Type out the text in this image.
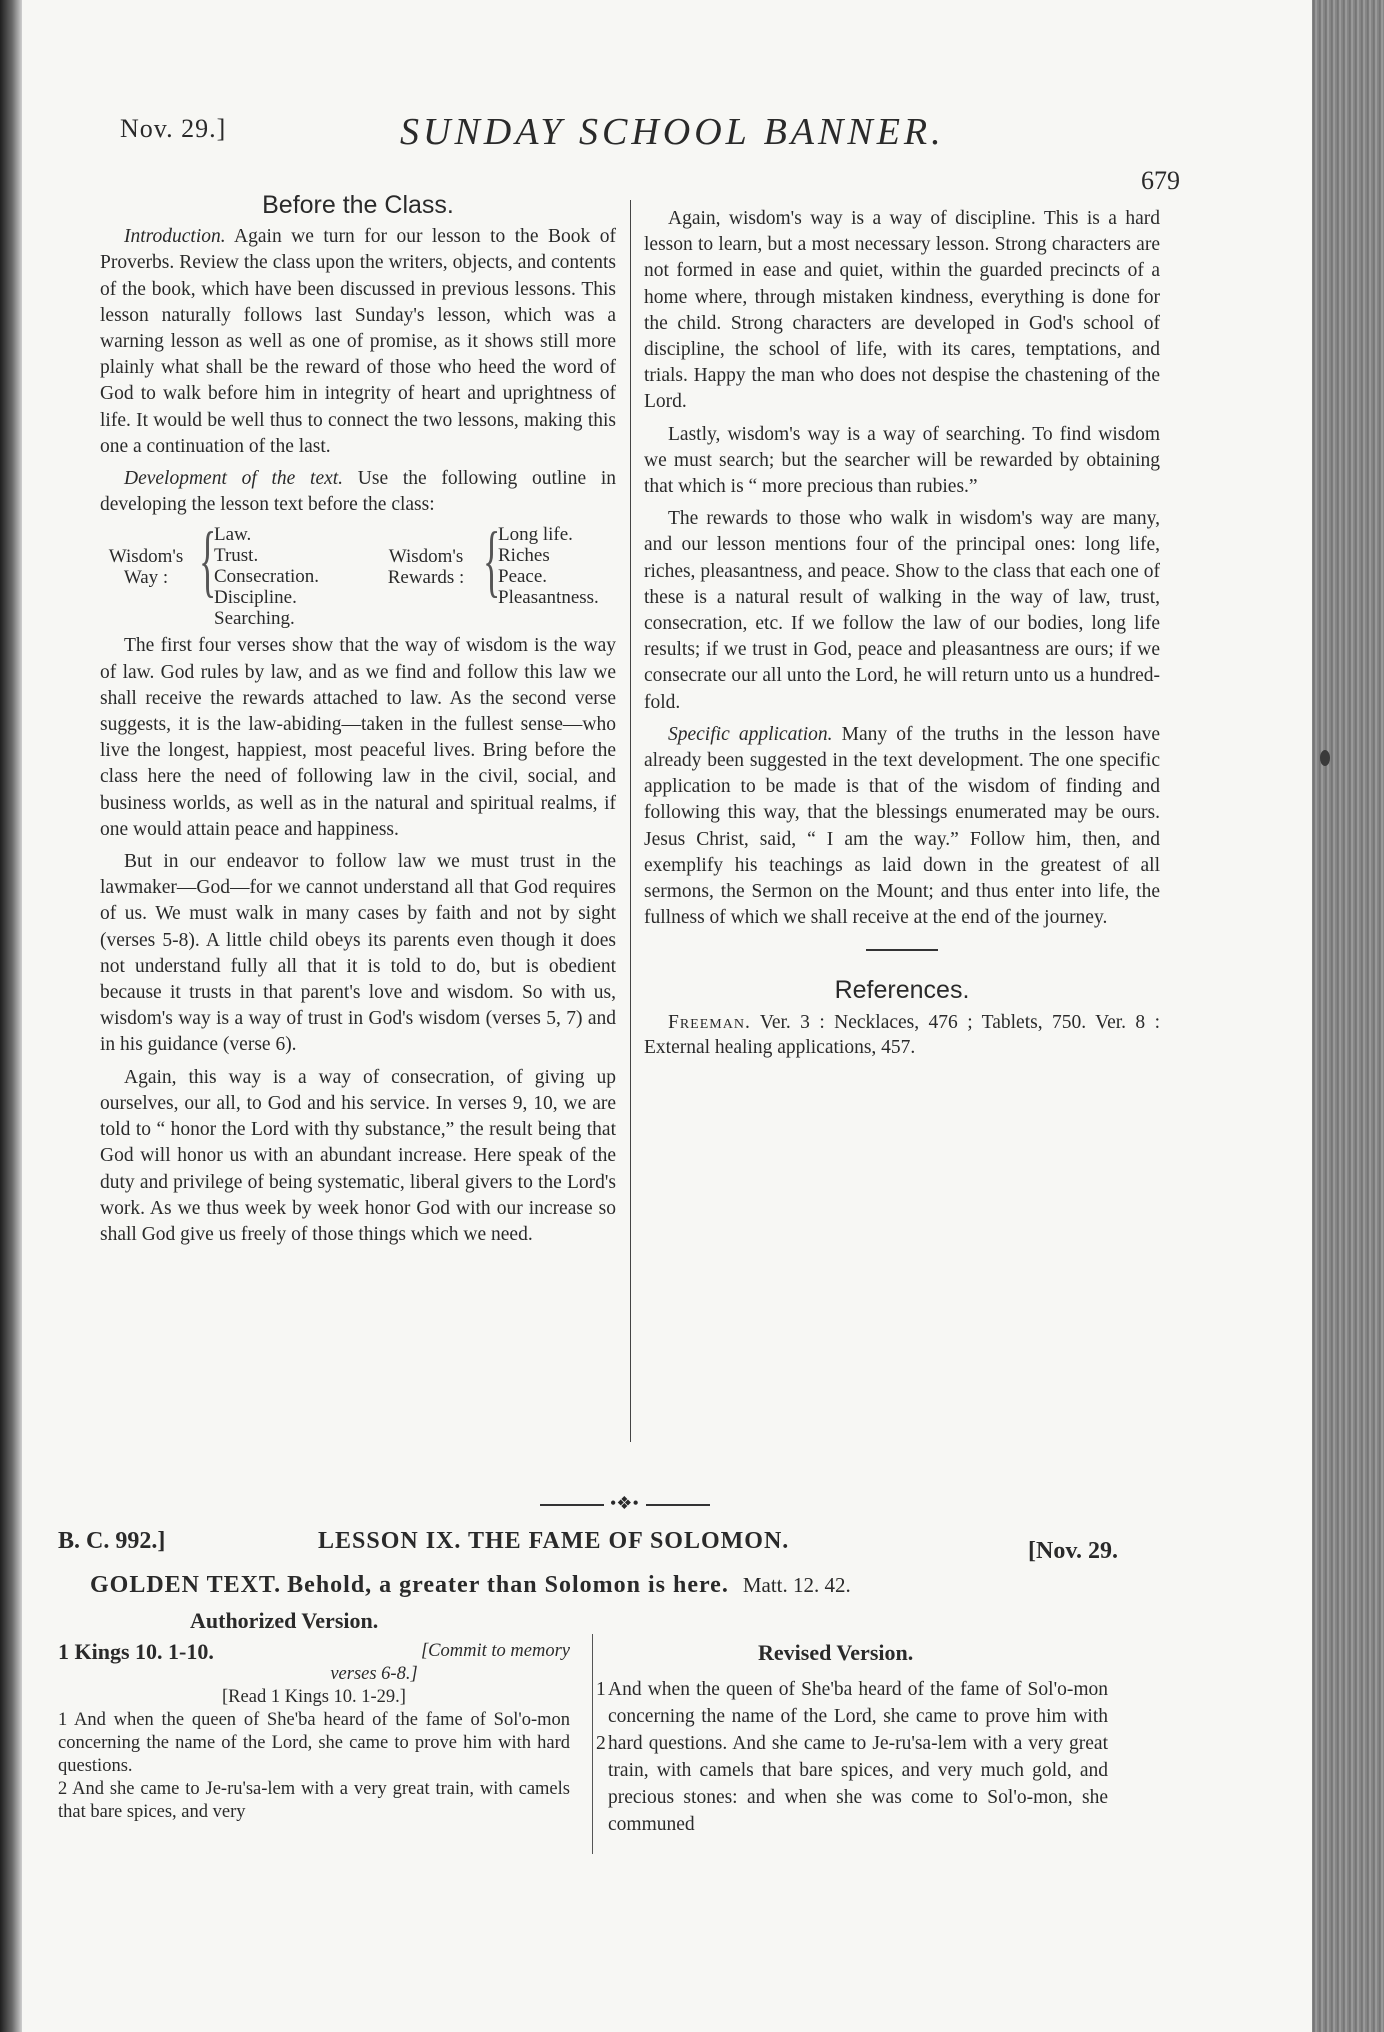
Nov. 29.]	SUNDAY SCHOOL BANNER.
679
Before the Class.

Introduction. Again we turn for our lesson to the Book of Proverbs. Review the class upon the writers, objects, and contents of the book, which have been discussed in previous lessons. This lesson naturally follows last Sunday's lesson, which was a warning lesson as well as one of promise, as it shows still more plainly what shall be the reward of those who heed the word of God to walk before him in integrity of heart and uprightness of life. It would be well thus to connect the two lessons, making this one a continuation of the last.

Development of the text. Use the following outline in developing the lesson text before the class:

Wisdom's Way : {
Law.
Trust.
Consecration.
Discipline.
Searching.
Wisdom's Rewards : {
Long life.
Riches
Peace.
Pleasantness.

The first four verses show that the way of wisdom is the way of law. God rules by law, and as we find and follow this law we shall receive the rewards attached to law. As the second verse suggests, it is the law-abiding—taken in the fullest sense—who live the longest, happiest, most peaceful lives. Bring before the class here the need of following law in the civil, social, and business worlds, as well as in the natural and spiritual realms, if one would attain peace and happiness.

But in our endeavor to follow law we must trust in the lawmaker—God—for we cannot understand all that God requires of us. We must walk in many cases by faith and not by sight (verses 5-8). A little child obeys its parents even though it does not understand fully all that it is told to do, but is obedient because it trusts in that parent's love and wisdom. So with us, wisdom's way is a way of trust in God's wisdom (verses 5, 7) and in his guidance (verse 6).

Again, this way is a way of consecration, of giving up ourselves, our all, to God and his service. In verses 9, 10, we are told to “ honor the Lord with thy substance,” the result being that God will honor us with an abundant increase. Here speak of the duty and privilege of being systematic, liberal givers to the Lord's work. As we thus week by week honor God with our increase so shall God give us freely of those things which we need.

Again, wisdom's way is a way of discipline. This is a hard lesson to learn, but a most necessary lesson. Strong characters are not formed in ease and quiet, within the guarded precincts of a home where, through mistaken kindness, everything is done for the child. Strong characters are developed in God's school of discipline, the school of life, with its cares, temptations, and trials. Happy the man who does not despise the chastening of the Lord.

Lastly, wisdom's way is a way of searching. To find wisdom we must search; but the searcher will be rewarded by obtaining that which is “ more precious than rubies.”

The rewards to those who walk in wisdom's way are many, and our lesson mentions four of the principal ones: long life, riches, pleasantness, and peace. Show to the class that each one of these is a natural result of walking in the way of law, trust, consecration, etc. If we follow the law of our bodies, long life results; if we trust in God, peace and pleasantness are ours; if we consecrate our all unto the Lord, he will return unto us a hundred-fold.

Specific application. Many of the truths in the lesson have already been suggested in the text development. The one specific application to be made is that of the wisdom of finding and following this way, that the blessings enumerated may be ours. Jesus Christ, said, “ I am the way.” Follow him, then, and exemplify his teachings as laid down in the greatest of all sermons, the Sermon on the Mount; and thus enter into life, the fullness of which we shall receive at the end of the journey.

References.

Freeman. Ver. 3 : Necklaces, 476 ; Tablets, 750. Ver. 8 : External healing applications, 457.

•❖•
B. C. 992.]	LESSON IX. THE FAME OF SOLOMON.	[Nov. 29.
GOLDEN TEXT. Behold, a greater than Solomon is here. Matt. 12. 42.
Authorized Version.
1 Kings 10. 1-10.	[Commit to memory
verses 6-8.]
[Read 1 Kings 10. 1-29.]

1 And when the queen of She'ba heard of the fame of Sol'o-mon concerning the name of the Lord, she came to prove him with hard questions.

2 And she came to Je-ru'sa-lem with a very great train, with camels that bare spices, and very

Revised Version.
1
2
And when the queen of She'ba heard of the fame of Sol'o-mon concerning the name of the Lord, she came to prove him with hard questions. And she came to Je-ru'sa-lem with a very great train, with camels that bare spices, and very much gold, and precious stones: and when she was come to Sol'o-mon, she communed
